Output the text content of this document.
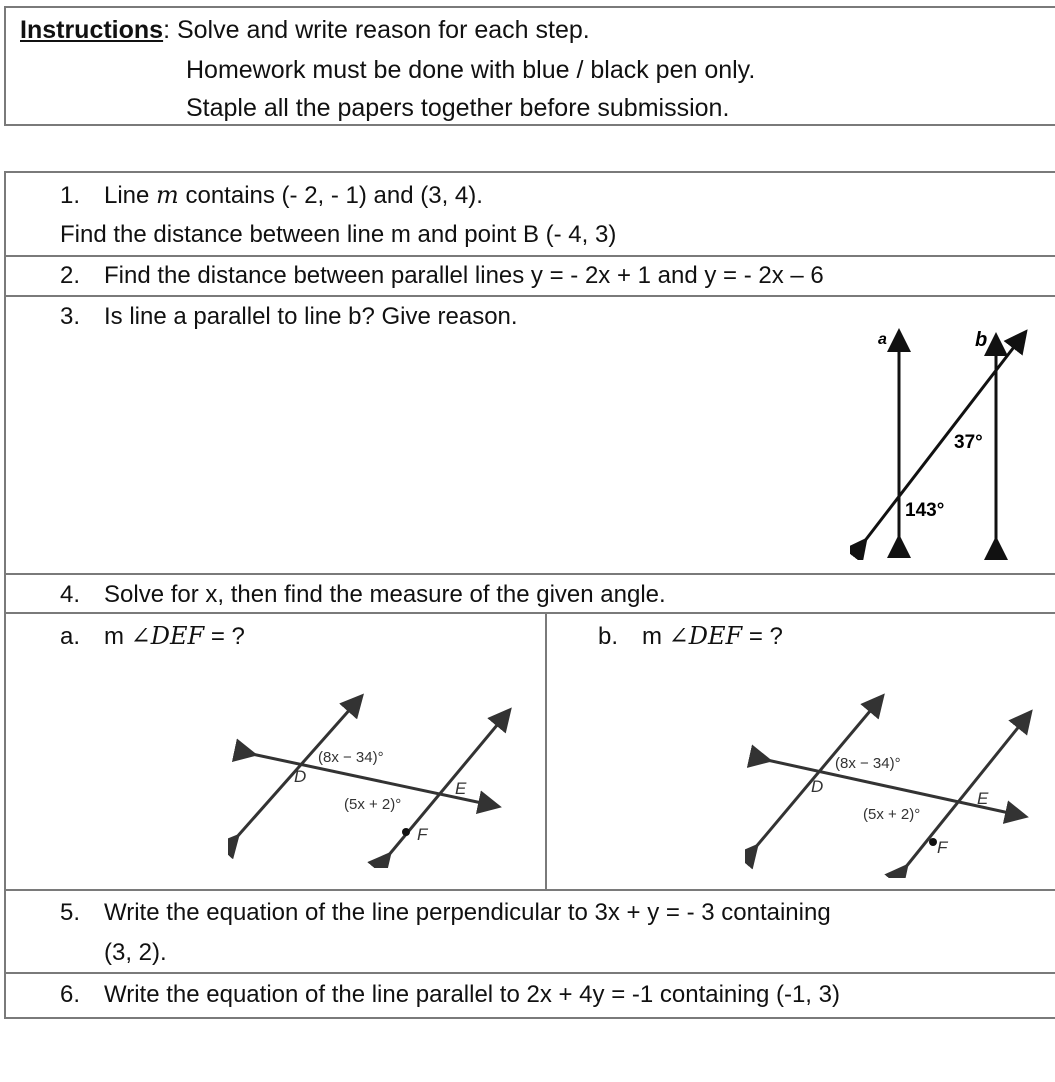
Instructions: Solve and write reason for each step.
Homework must be done with blue / black pen only.
Staple all the papers together before submission.
1. Line m contains (- 2, - 1) and (3, 4).
Find the distance between line m and point B (- 4, 3)
2. Find the distance between parallel lines y = - 2x + 1 and y = - 2x – 6
3. Is line a parallel to line b? Give reason.
a	b
37°
143°
4. Solve for x, then find the measure of the given angle.
a. m ∠DEF = ?	b. m ∠DEF = ?
(8x − 34)°
(5x + 2)°
D
E
F
(8x − 34)°
(5x + 2)°
D
E
F
5. Write the equation of the line perpendicular to 3x + y = - 3 containing
(3, 2).
6. Write the equation of the line parallel to 2x + 4y = -1 containing (-1, 3)
